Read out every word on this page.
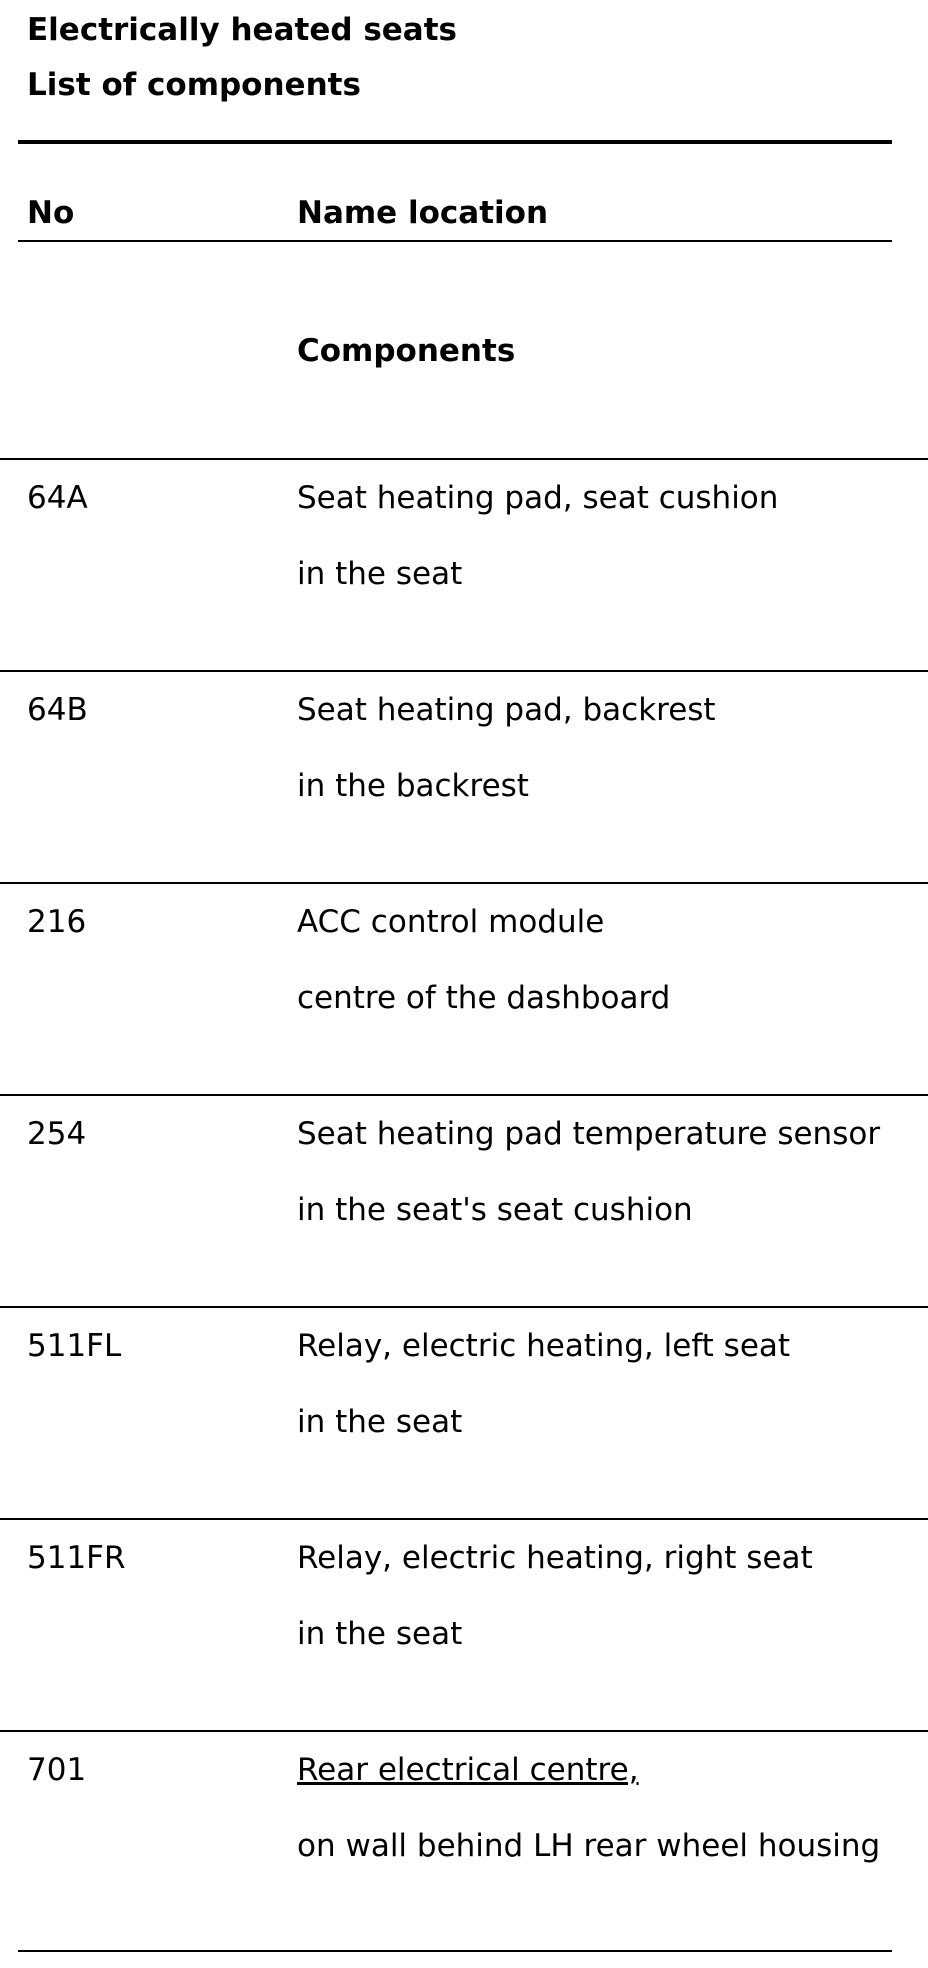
Electrically heated seats
List of components
No	Name location
Components
64A	Seat heating pad, seat cushion
in the seat
64B	Seat heating pad, backrest
in the backrest
216	ACC control module
centre of the dashboard
254	Seat heating pad temperature sensor
in the seat's seat cushion
511FL	Relay, electric heating, left seat
in the seat
511FR	Relay, electric heating, right seat
in the seat
701	Rear electrical centre,
on wall behind LH rear wheel housing
